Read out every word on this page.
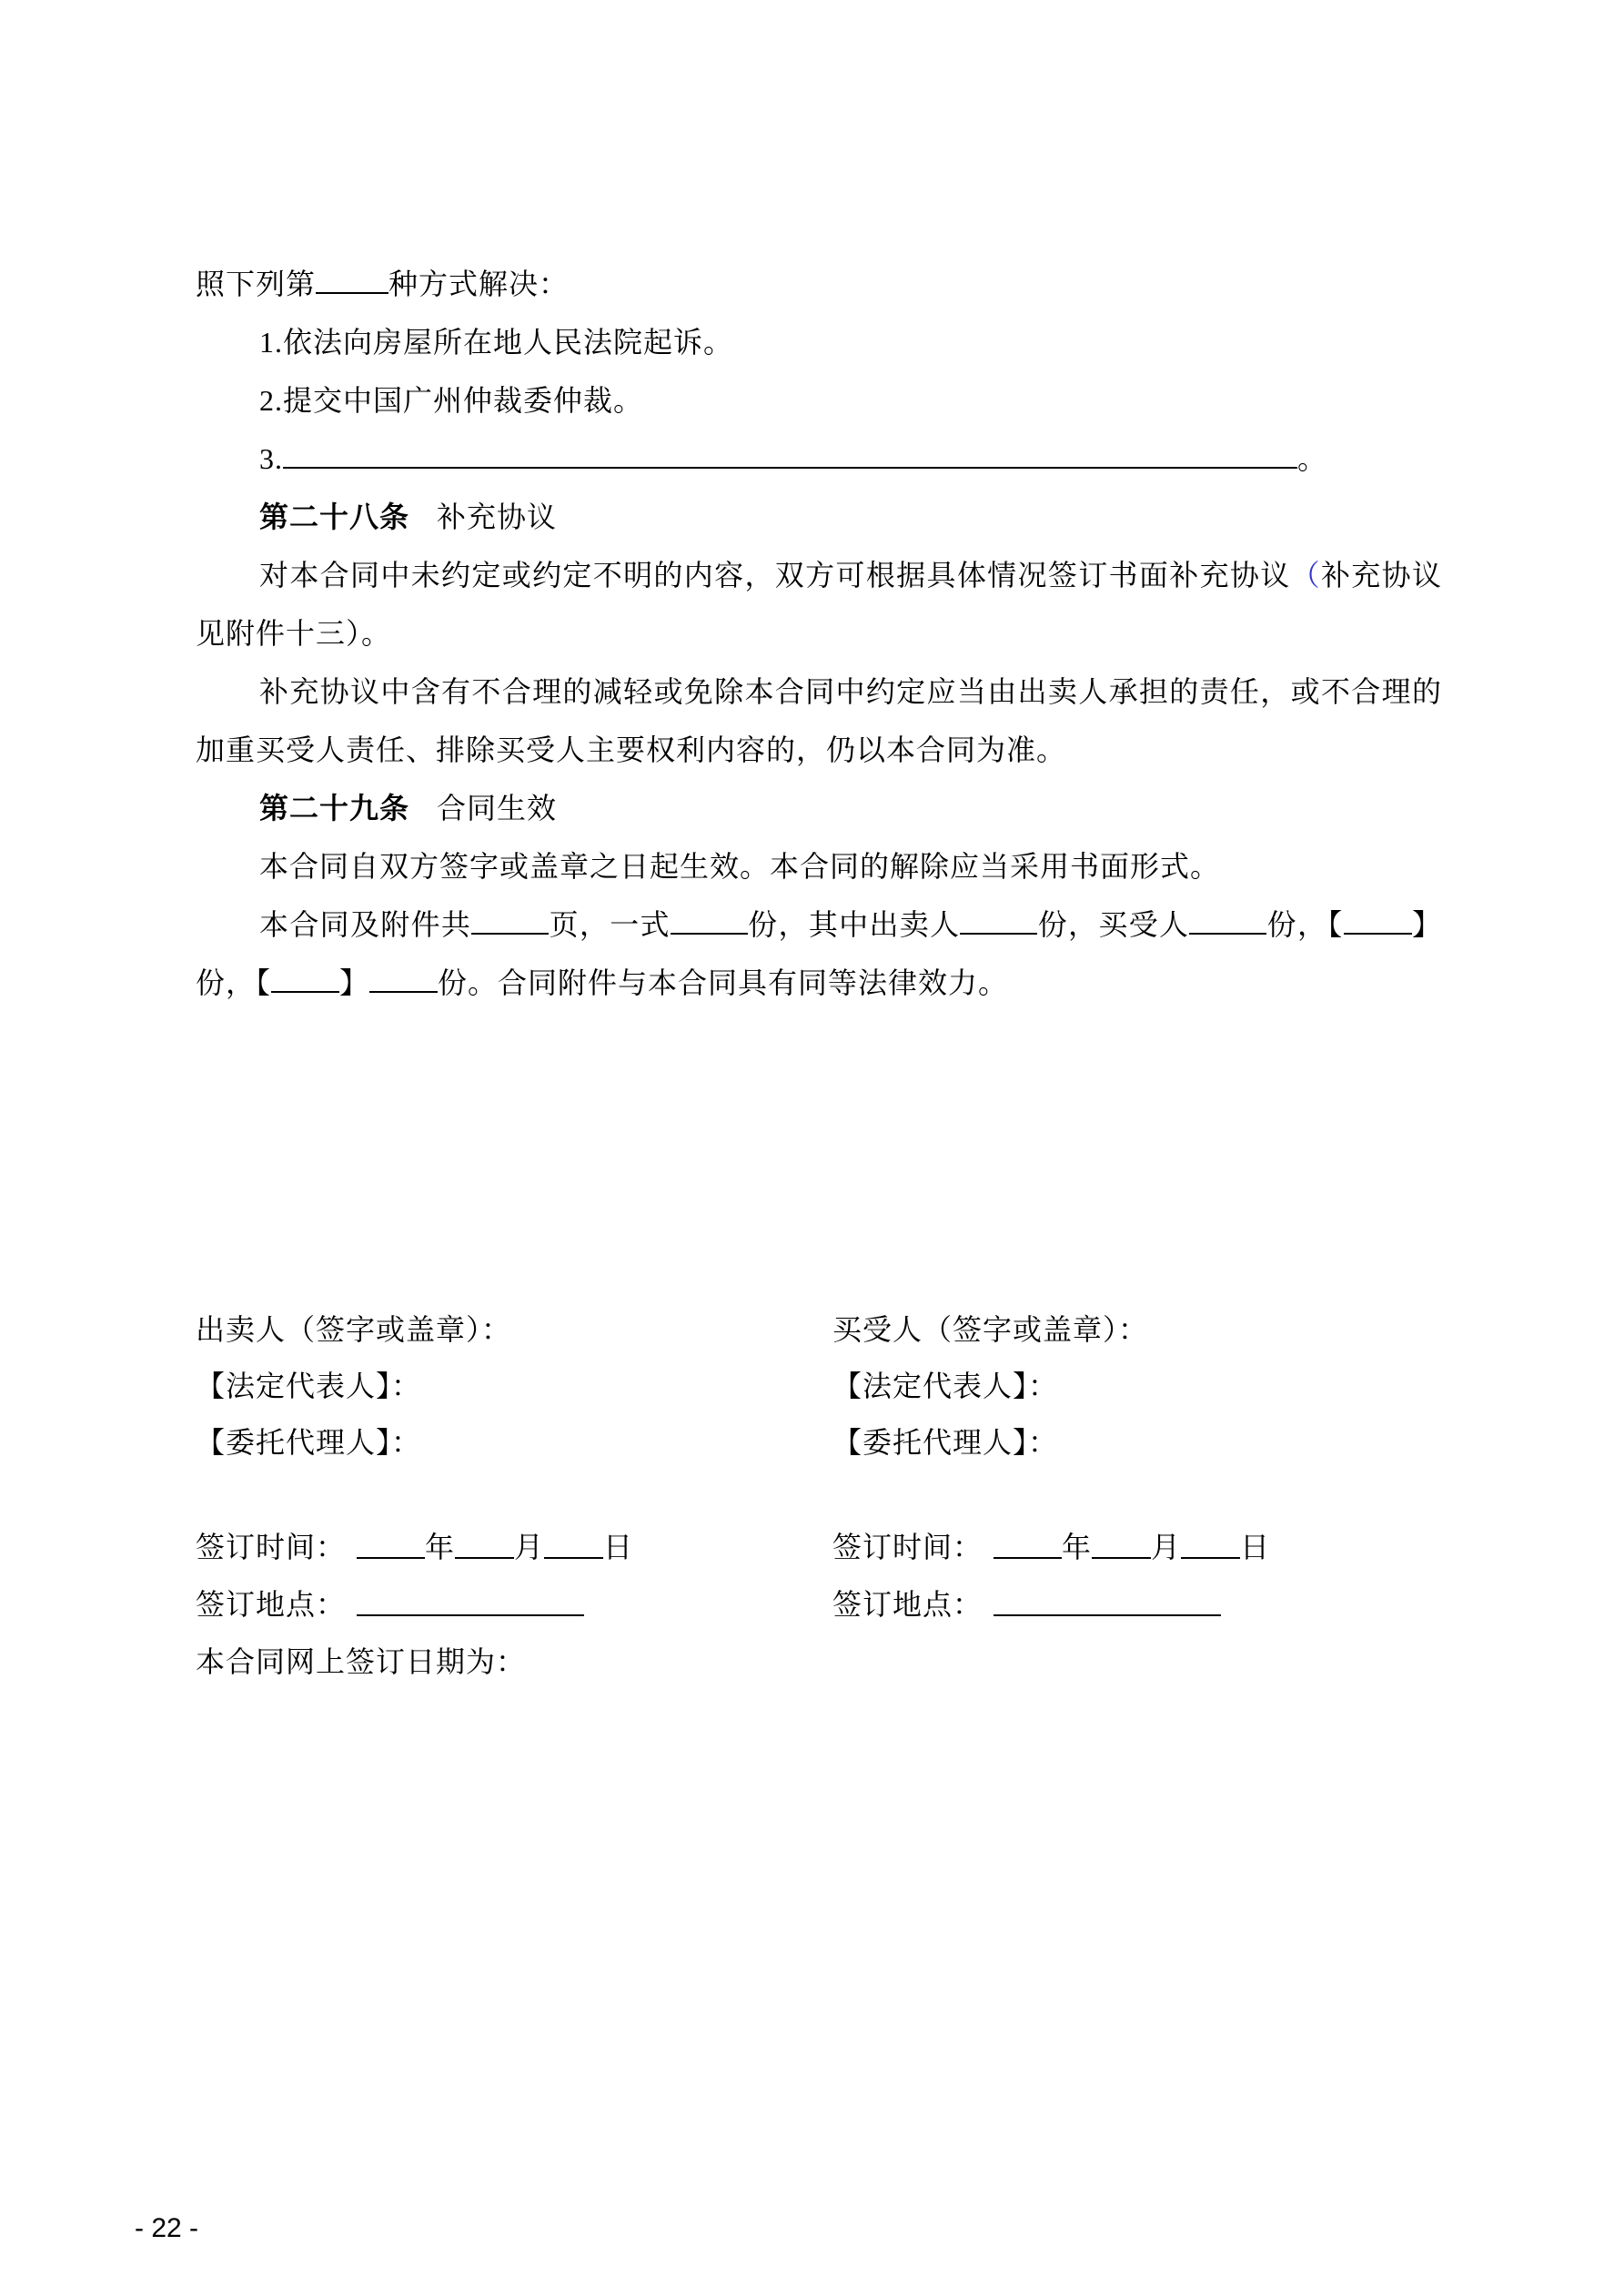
照下列第	种方式解决：

1.依法向房屋所在地人民法院起诉。

2.提交中国广州仲裁委仲裁。

3.	。

第二十八条 补充协议

对本合同中未约定或约定不明的内容，双方可根据具体情况签订书面补充协议（补充协议见附件十三）。

补充协议中含有不合理的减轻或免除本合同中约定应当由出卖人承担的责任，或不合理的加重买受人责任、排除买受人主要权利内容的，仍以本合同为准。

第二十九条 合同生效

本合同自双方签字或盖章之日起生效。本合同的解除应当采用书面形式。

本合同及附件共	页，一式	份，其中出卖人	份，买受人	份，【 】份，【 】 份。合同附件与本合同具有同等法律效力。

出卖人（签字或盖章）：
【法定代表人】：
【委托代理人】：
买受人（签字或盖章）：
【法定代表人】：
【委托代理人】：
签订时间：	年 月 日
签订地点：
本合同网上签订日期为：
签订时间：	年 月 日
签订地点：
- 22 -
